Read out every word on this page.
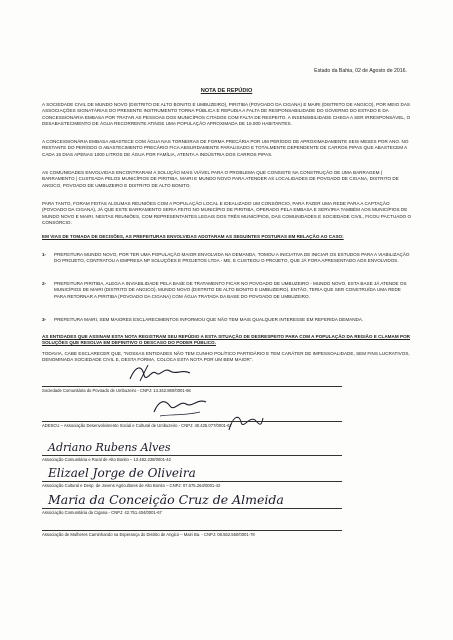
Estado da Bahia, 02 de Agosto de 2016.
NOTA DE REPÚDIO
A SOCIEDADE CIVIL DE MUNDO NOVO (DISTRITO DE ALTO BONITO E UMBUZEIRO), PIRITIBA (POVOADO DA CIGANA) E MAIRI (DISTRITO DE ANGICO), POR MEIO DAS ASSOCIAÇÕES SIGNATÁRIAS DO PRESENTE INSTRUMENTO TORNA PÚBLICA E REPUDIA A FALTA DE RESPONSABILIDADE DO GOVERNO DO ESTADO E DA CONCESSIONÁRIA EMBASA POR TRATAR AS PESSOAS DOS MUNICÍPIOS CITADOS COM FALTA DE RESPEITO. A INSENSIBILIDADE CHEGA A SER IRRESPONSÁVEL, O DESABASTECIMENTO DE ÁGUA RECORRENTE ATINGE UMA POPULAÇÃO APROXIMADA DE 15.000 HABITANTES.
A CONCESSIONÁRIA EMBASA ABASTECE COM ÁGUA NAS TORNEIRAS DE FORMA PRECÁRIA POR UM PERÍODO DE APROXIMADAMENTE SEIS MESES POR ANO. NO RESTANTE DO PERÍODO O ABASTECIMENTO PRECÁRIO FICA ABSURDAMENTE PARALISADO E TOTALMENTE DEPENDENTE DE CARROS PIPAS QUE ABASTECEM A CADA 15 DIAS APENAS 1000 LITROS DE ÁGUA POR FAMÍLIA, ATENTA A INDÚSTRIA DOS CARROS PIPAS.
AS COMUNIDADES ENVOLVIDAS ENCONTRARAM A SOLUÇÃO MAIS VIÁVEL PARA O PROBLEMA QUE CONSISTE NA CONSTRUÇÃO DE UMA BARRAGEM ( BARRAMENTO ) CUSTEADA PELOS MUNICÍPIOS DE PIRITIBA, MAIRI E MUNDO NOVO PARA ATENDER AS LOCALIDADES DE POVOADO DE CIGANA, DISTRITO DE ANGICO, POVOADO DE UMBUZEIRO E DISTRITO DE ALTO BONITO.
PARA TANTO, FORAM FEITAS ALGUMAS REUNIÕES COM A POPULAÇÃO LOCAL E IDEALIZADO UM CONSÓRCIO, PARA FAZER UMA REDE PARA A CAPTAÇÃO (POVOADO DA CIGANA), JÁ QUE ESTE BARRAMENTO SERIA FEITO NO MUNICÍPIO DE PIRITIBA, OPERADO PELA EMBASA E SERVIRIA TAMBÉM AOS MUNICÍPIOS DE MUNDO NOVO E MAIRI. NESTAS REUNIÕES, COM REPRESENTANTES LEGAIS DOS TRÊS MUNICÍPIOS, DAS COMUNIDADES E SOCIEDADE CIVIL, FICOU PACTUADO O CONSÓRCIO.
EM VIAS DE TOMADA DE DECISÕES, AS PREFEITURAS ENVOLVIDAS ADOTARAM AS SEGUINTES POSTURAS EM RELAÇÃO AO CASO:
1-	PREFEITURA MUNDO NOVO, POR TER UMA POPULAÇÃO MAIOR ENVOLVIDA NA DEMANDA, TOMOU A INICIATIVA DE INICIAR OS ESTUDOS PARA A VIABILIZAÇÃO DO PROJETO, CONTRATOU A EMPRESA NP SOLUÇÕES E PROJETOS LTDA - ME. E CUSTEOU O PROJETO, QUE JÁ FORA APRESENTADO AOS ENVOLVIDOS.
2-	PREFEITURA PIRITIBA, ALEGA A INVIABILIDADE PELA BASE DE TRATAMENTO FICAR NO POVOADO DE UMBUZEIRO - MUNDO NOVO. ESTA BASE JÁ ATENDE OS MUNICÍPIOS DE MAIRI (DISTRITO DE ANGICO), MUNDO NOVO (DISTRITO DE ALTO BONITO E UMBUZEIRO). ENTÃO, TERIA QUE SER CONSTRUÍDA UMA REDE PARA RETORNAR A PIRITIBA (POVOADO DA CIGANA) COM ÁGUA TRATADA DA BASE DO POVOADO DE UMBUZEIRO.
3-	PREFEITURA MAIRI, SEM MAIORES ESCLARECIMENTOS INFORMOU QUE NÃO TEM MAIS QUALQUER INTERESSE EM REFERIDA DEMANDA.
AS ENTIDADES QUE ASSINAM ESTA NOTA REGISTRAM SEU REPÚDIO A ESTA SITUAÇÃO DE DESRESPEITO PARA COM A POPULAÇÃO DA REGIÃO E CLAMAM POR SOLUÇÕES QUE RESOLVA EM DEFINITIVO O DESCASO DO PODER PÚBLICO.
TODAVIA, CABE ESCLARECER QUE, "NOSSAS ENTIDADES NÃO TEM CUNHO POLÍTICO PARTIDÁRIO E TEM CARÁTER DE IMPESSOALIDADE, SEM FINS LUCRATIVOS, DENOMINADA SOCIEDADE CIVIL E, DESTA FORMA, COLOCA ESTA NOTA POR UM BEM MAIOR".
Sociedade Comunitária do Povoado de Umbuzeiro - CNPJ: 13.342.860/0001-66
ADESCU – Associação Desenvolvimento Social e Cultural de Umbuzeiro - CNPJ: 40.425.077/0001-67
Adriano Rubens Alves
Associação Comunitária e Rural de Alto Bonito – 13.482.238/0001-42
Elizael Jorge de Oliveira
Associação Cultural e Desp. de Jovens Agricultores de Alto Bonito – CNPJ: 07.675.264/0001-42
Maria da Conceição Cruz de Almeida
Associação Comunitária da Cigana - CNPJ: 42.751.404/0001-67
Associação de Mulheres Caminhando na Esperança do Distrito de Angico – Mairi Ba. - CNPJ: 08.552.550/0001-78
